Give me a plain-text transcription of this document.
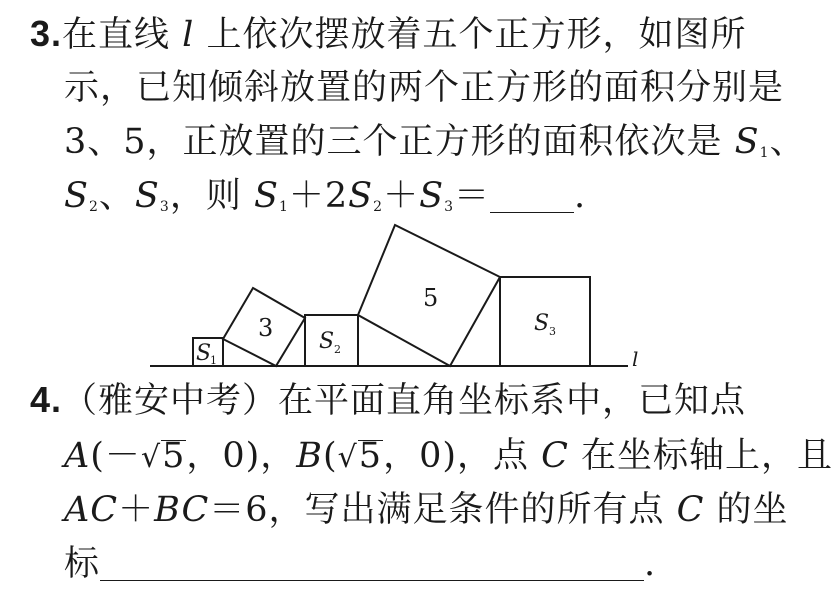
3.在直线 l 上依次摆放着五个正方形，如图所
示，已知倾斜放置的两个正方形的面积分别是
3、5，正放置的三个正方形的面积依次是 $S_1$、
$S_2$、$S_3$，则 $S_1+2S_2+S_3=$ .
3
5
S
1
S 2
S 3
l
4.（雅安中考）在平面直角坐标系中，已知点
A(－√5，0)，B(√5，0)，点 C 在坐标轴上，且
AC＋BC＝6，写出满足条件的所有点 C 的坐
标	.
